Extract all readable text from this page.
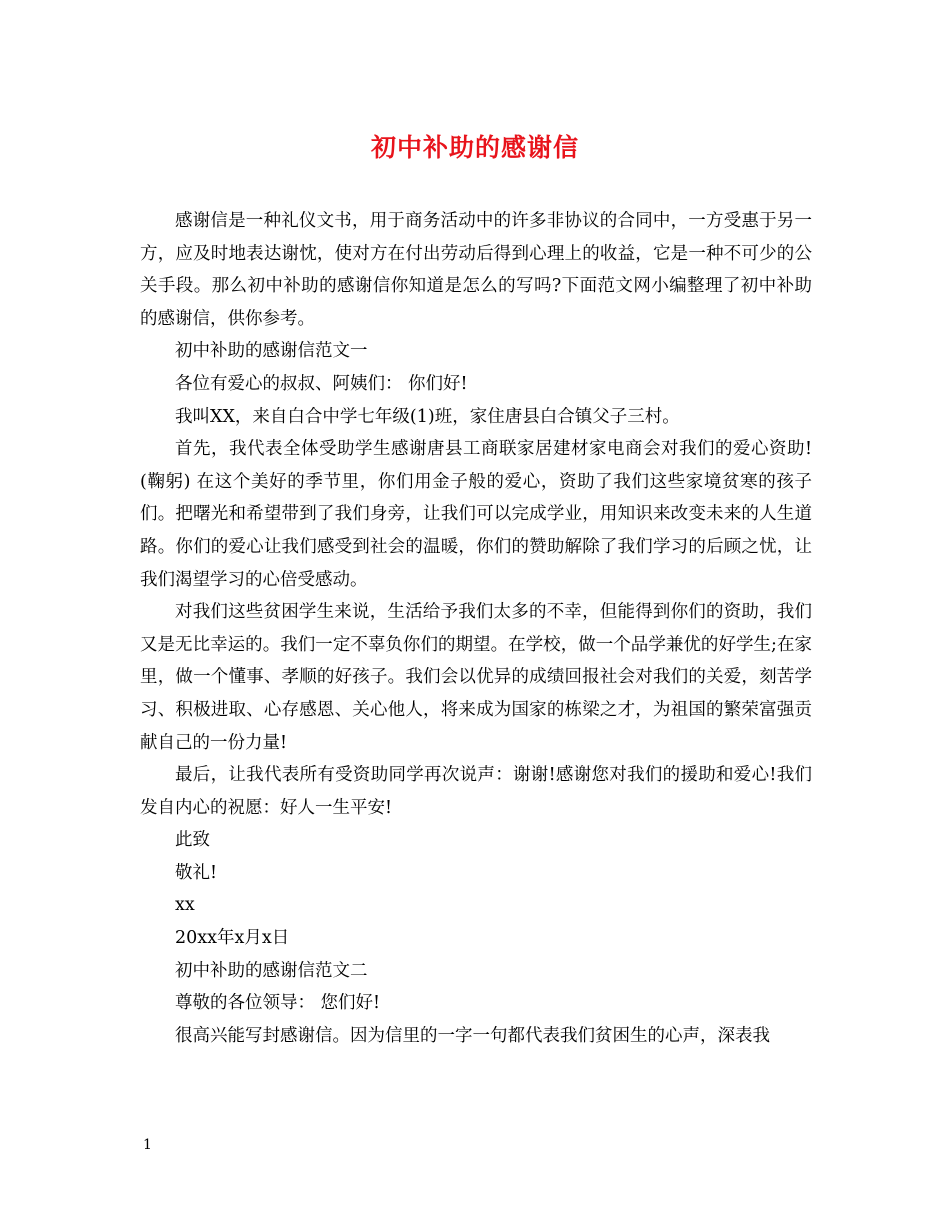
初中补助的感谢信

感谢信是一种礼仪文书，用于商务活动中的许多非协议的合同中，一方受惠于另一方，应及时地表达谢忱，使对方在付出劳动后得到心理上的收益，它是一种不可少的公关手段。那么初中补助的感谢信你知道是怎么的写吗?下面范文网小编整理了初中补助的感谢信，供你参考。

初中补助的感谢信范文一

各位有爱心的叔叔、阿姨们： 你们好!

我叫XX，来自白合中学七年级(1)班，家住唐县白合镇父子三村。

首先，我代表全体受助学生感谢唐县工商联家居建材家电商会对我们的爱心资助!(鞠躬) 在这个美好的季节里，你们用金子般的爱心，资助了我们这些家境贫寒的孩子们。把曙光和希望带到了我们身旁，让我们可以完成学业，用知识来改变未来的人生道路。你们的爱心让我们感受到社会的温暖，你们的赞助解除了我们学习的后顾之忧，让我们渴望学习的心倍受感动。

对我们这些贫困学生来说，生活给予我们太多的不幸，但能得到你们的资助，我们又是无比幸运的。我们一定不辜负你们的期望。在学校，做一个品学兼优的好学生;在家里，做一个懂事、孝顺的好孩子。我们会以优异的成绩回报社会对我们的关爱，刻苦学习、积极进取、心存感恩、关心他人，将来成为国家的栋梁之才，为祖国的繁荣富强贡献自己的一份力量!

最后，让我代表所有受资助同学再次说声：谢谢!感谢您对我们的援助和爱心!我们发自内心的祝愿：好人一生平安!

此致

敬礼!

xx

20xx年x月x日

初中补助的感谢信范文二

尊敬的各位领导： 您们好!

很高兴能写封感谢信。因为信里的一字一句都代表我们贫困生的心声，深表我

1
